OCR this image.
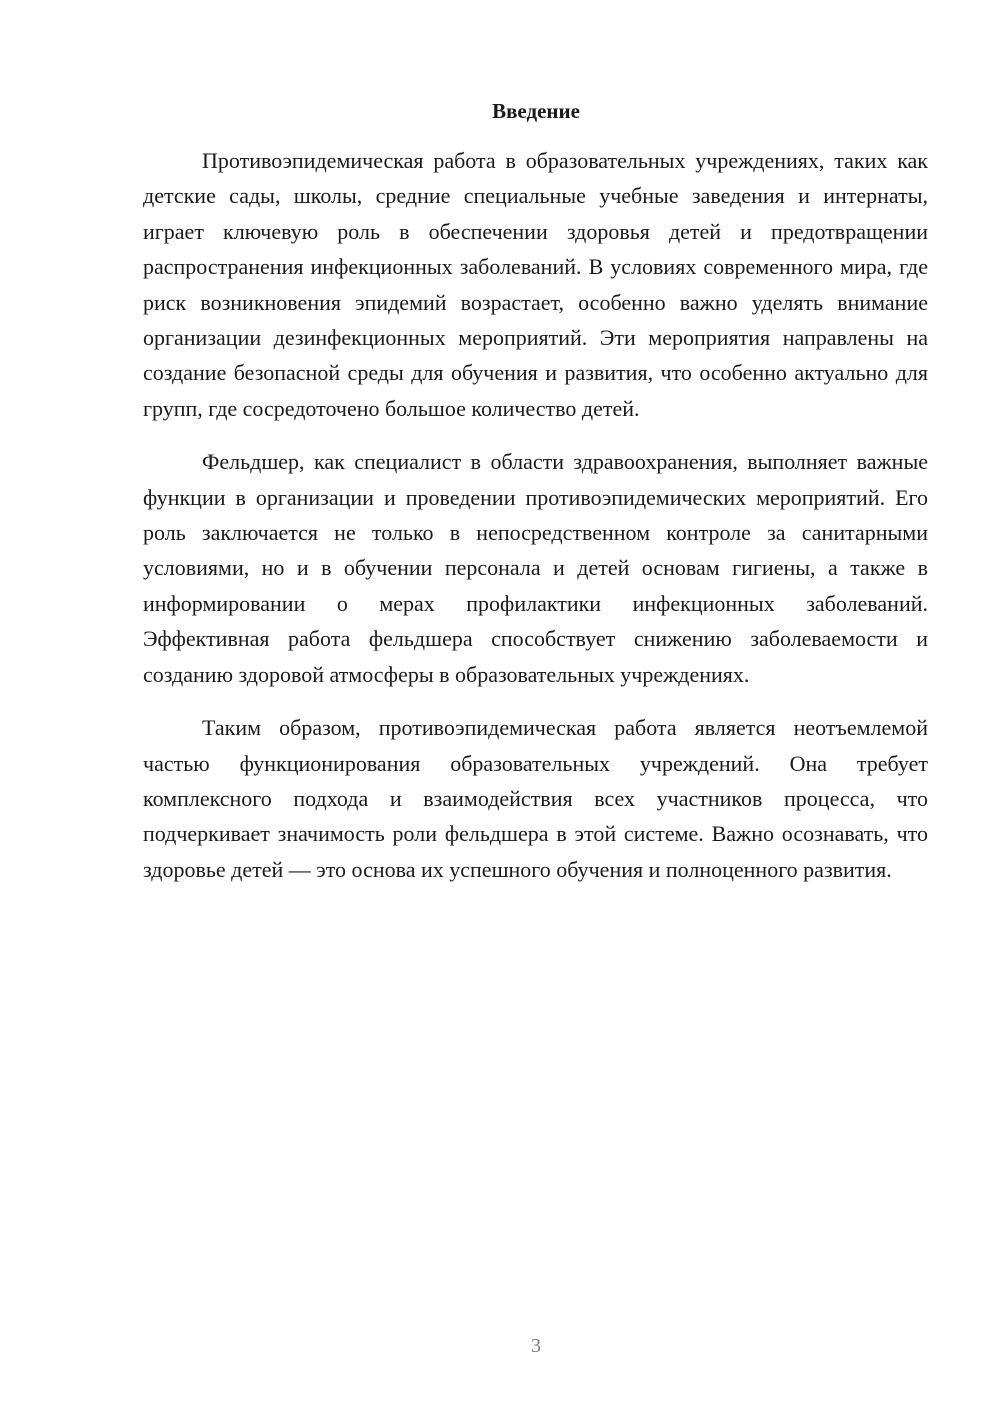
Введение

Противоэпидемическая работа в образовательных учреждениях, таких как детские сады, школы, средние специальные учебные заведения и интернаты, играет ключевую роль в обеспечении здоровья детей и предотвращении распространения инфекционных заболеваний. В условиях современного мира, где риск возникновения эпидемий возрастает, особенно важно уделять внимание организации дезинфекционных мероприятий. Эти мероприятия направлены на создание безопасной среды для обучения и развития, что особенно актуально для групп, где сосредоточено большое количество детей.

Фельдшер, как специалист в области здравоохранения, выполняет важные функции в организации и проведении противоэпидемических мероприятий. Его роль заключается не только в непосредственном контроле за санитарными условиями, но и в обучении персонала и детей основам гигиены, а также в информировании о мерах профилактики инфекционных заболеваний. Эффективная работа фельдшера способствует снижению заболеваемости и созданию здоровой атмосферы в образовательных учреждениях.

Таким образом, противоэпидемическая работа является неотъемлемой частью функционирования образовательных учреждений. Она требует комплексного подхода и взаимодействия всех участников процесса, что подчеркивает значимость роли фельдшера в этой системе. Важно осознавать, что здоровье детей — это основа их успешного обучения и полноценного развития.

3
